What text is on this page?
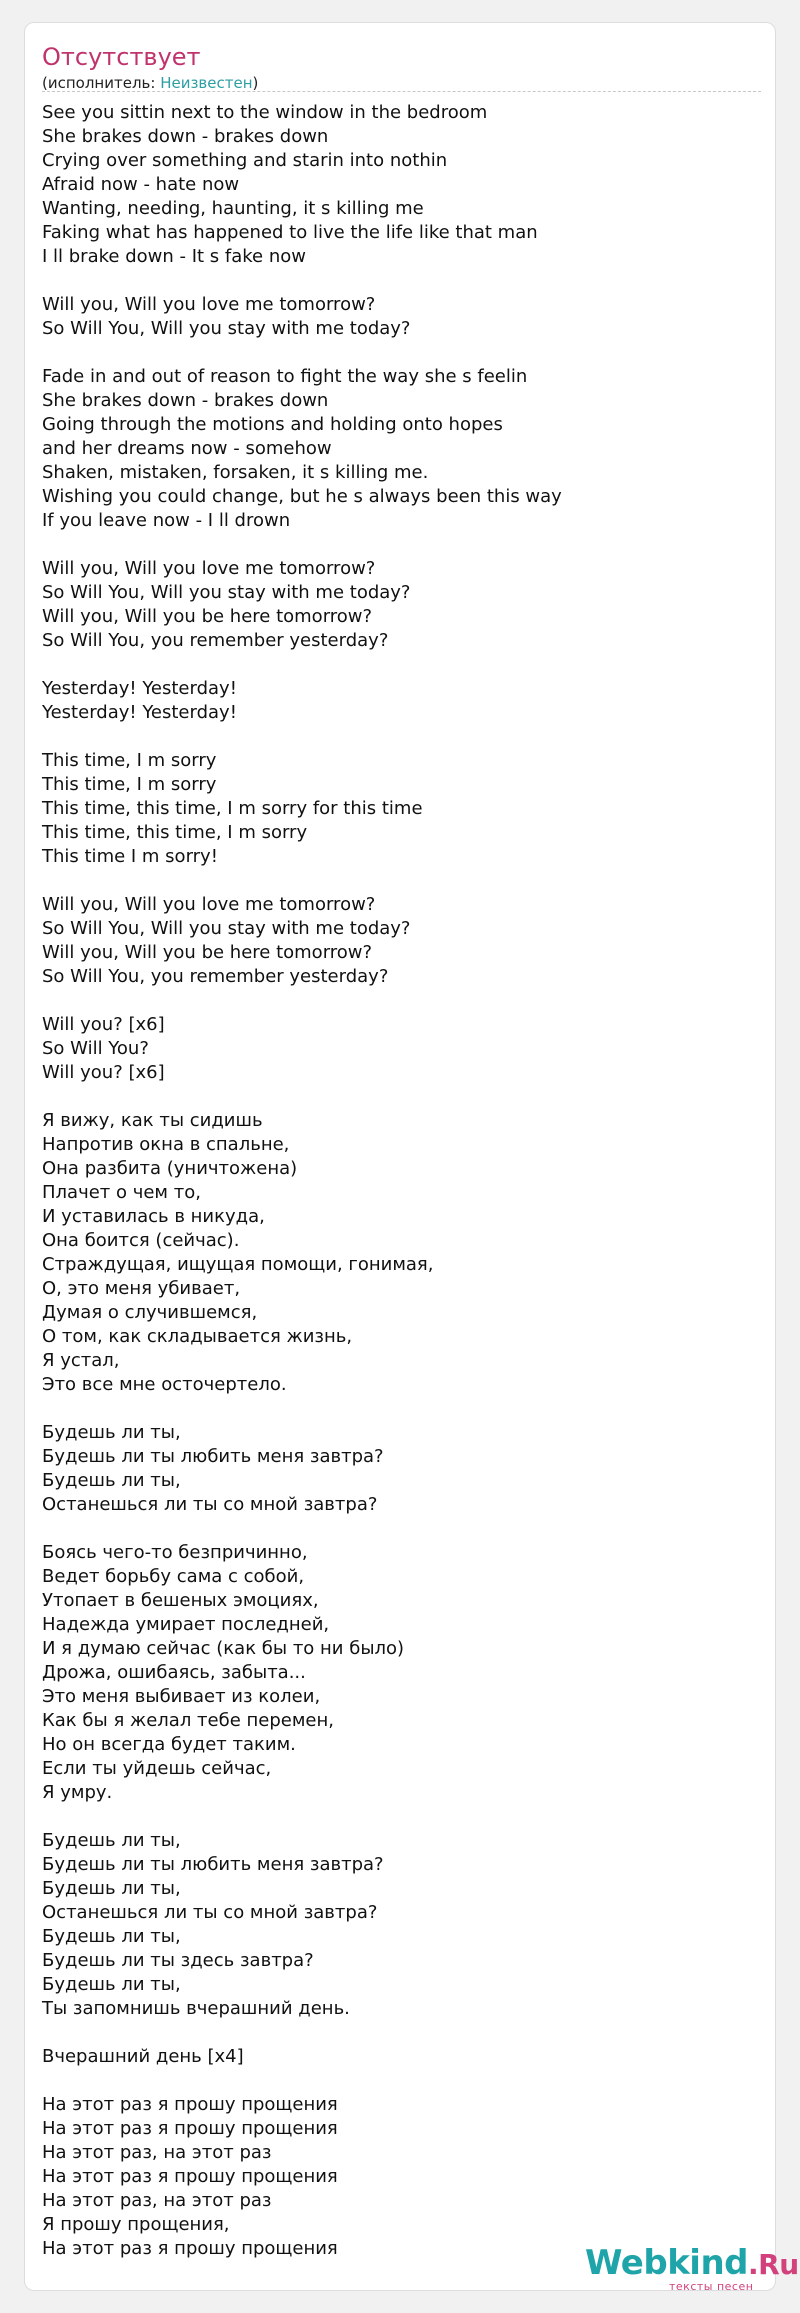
Отсутствует
(исполнитель: Неизвестен)
See you sittin next to the window in the bedroom
She brakes down - brakes down
Crying over something and starin into nothin
Afraid now - hate now
Wanting, needing, haunting, it s killing me
Faking what has happened to live the life like that man
I ll brake down - It s fake now

Will you, Will you love me tomorrow?
So Will You, Will you stay with me today?

Fade in and out of reason to fight the way she s feelin
She brakes down - brakes down
Going through the motions and holding onto hopes
and her dreams now - somehow
Shaken, mistaken, forsaken, it s killing me.
Wishing you could change, but he s always been this way
If you leave now - I ll drown

Will you, Will you love me tomorrow?
So Will You, Will you stay with me today?
Will you, Will you be here tomorrow?
So Will You, you remember yesterday?

Yesterday! Yesterday!
Yesterday! Yesterday!

This time, I m sorry
This time, I m sorry
This time, this time, I m sorry for this time
This time, this time, I m sorry
This time I m sorry!

Will you, Will you love me tomorrow?
So Will You, Will you stay with me today?
Will you, Will you be here tomorrow?
So Will You, you remember yesterday?

Will you? [x6]
So Will You?
Will you? [x6]

Я вижу, как ты сидишь
Напротив окна в спальне,
Она разбита (уничтожена)
Плачет о чем то,
И уставилась в никуда,
Она боится (сейчас).
Страждущая, ищущая помощи, гонимая,
О, это меня убивает,
Думая о случившемся,
О том, как складывается жизнь,
Я устал,
Это все мне осточертело.

Будешь ли ты,
Будешь ли ты любить меня завтра?
Будешь ли ты,
Останешься ли ты со мной завтра?

Боясь чего-то безпричинно,
Ведет борьбу сама с собой,
Утопает в бешеных эмоциях,
Надежда умирает последней,
И я думаю сейчас (как бы то ни было)
Дрожа, ошибаясь, забыта...
Это меня выбивает из колеи,
Как бы я желал тебе перемен,
Но он всегда будет таким.
Если ты уйдешь сейчас,
Я умру.

Будешь ли ты,
Будешь ли ты любить меня завтра?
Будешь ли ты,
Останешься ли ты со мной завтра?
Будешь ли ты,
Будешь ли ты здесь завтра?
Будешь ли ты,
Ты запомнишь вчерашний день.

Вчерашний день [x4]

На этот раз я прошу прощения
На этот раз я прошу прощения
На этот раз, на этот раз
На этот раз я прошу прощения
На этот раз, на этот раз
Я прошу прощения,
На этот раз я прошу прощения	Webkind.Ru
тексты песен
